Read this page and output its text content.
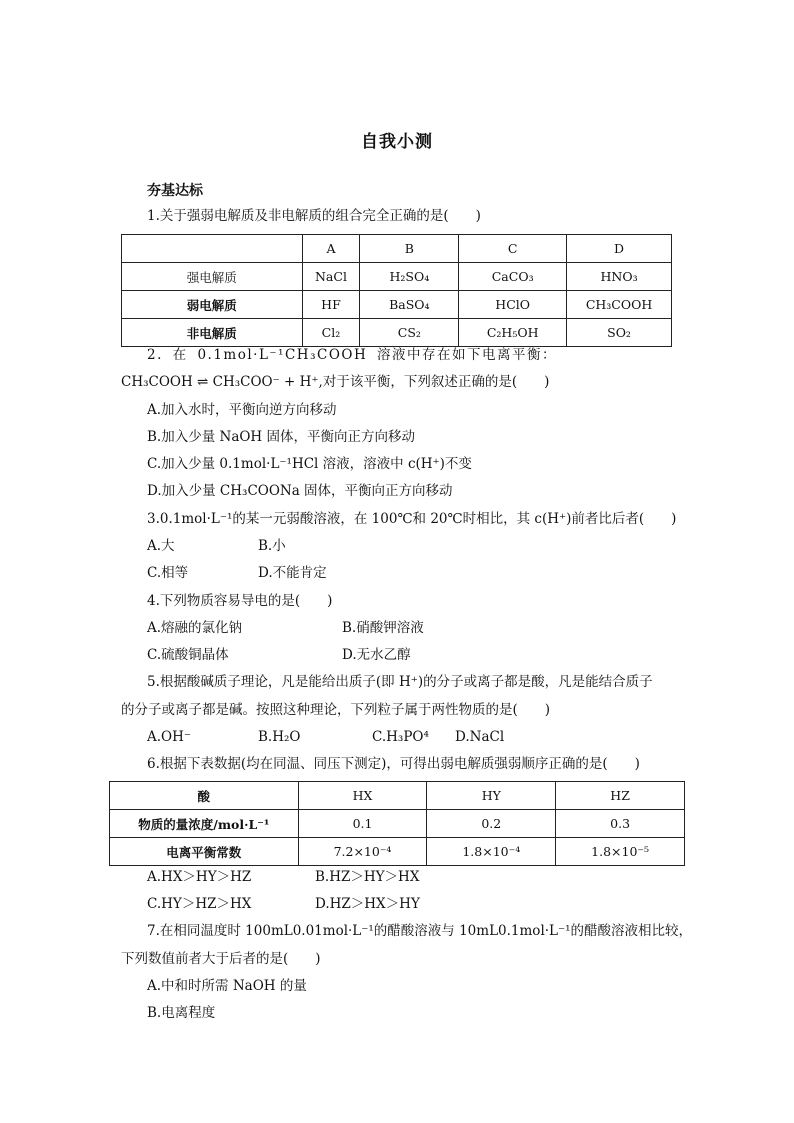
自我小测
夯基达标
1.关于强弱电解质及非电解质的组合完全正确的是(　　)
	A	B	C	D
强电解质	NaCl	H₂SO₄	CaCO₃	HNO₃
弱电解质	HF	BaSO₄	HClO	CH₃COOH
非电解质	Cl₂	CS₂	C₂H₅OH	SO₂
2. 在 0.1mol·L⁻¹CH₃COOH 溶液中存在如下电离平衡：
CH₃COOH ⇌ CH₃COO⁻ + H⁺,对于该平衡，下列叙述正确的是(　　)
A.加入水时，平衡向逆方向移动
B.加入少量 NaOH 固体，平衡向正方向移动
C.加入少量 0.1mol·L⁻¹HCl 溶液，溶液中 c(H⁺)不变
D.加入少量 CH₃COONa 固体，平衡向正方向移动
3.0.1mol·L⁻¹的某一元弱酸溶液，在 100℃和 20℃时相比，其 c(H⁺)前者比后者(　　)
A.大	B.小
C.相等	D.不能肯定
4.下列物质容易导电的是(　　)
A.熔融的氯化钠	B.硝酸钾溶液
C.硫酸铜晶体	D.无水乙醇
5.根据酸碱质子理论，凡是能给出质子(即 H⁺)的分子或离子都是酸，凡是能结合质子
的分子或离子都是碱。按照这种理论，下列粒子属于两性物质的是(　　)
A.OH⁻	B.H₂O	C.H₃PO⁴ D.NaCl
6.根据下表数据(均在同温、同压下测定)，可得出弱电解质强弱顺序正确的是(　　)
酸	HX	HY	HZ
物质的量浓度/mol·L⁻¹	0.1	0.2	0.3
电离平衡常数	7.2×10⁻⁴	1.8×10⁻⁴	1.8×10⁻⁵
A.HX＞HY＞HZ	B.HZ＞HY＞HX
C.HY＞HZ＞HX	D.HZ＞HX＞HY
7.在相同温度时 100mL0.01mol·L⁻¹的醋酸溶液与 10mL0.1mol·L⁻¹的醋酸溶液相比较，
下列数值前者大于后者的是(　　)
A.中和时所需 NaOH 的量
B.电离程度
